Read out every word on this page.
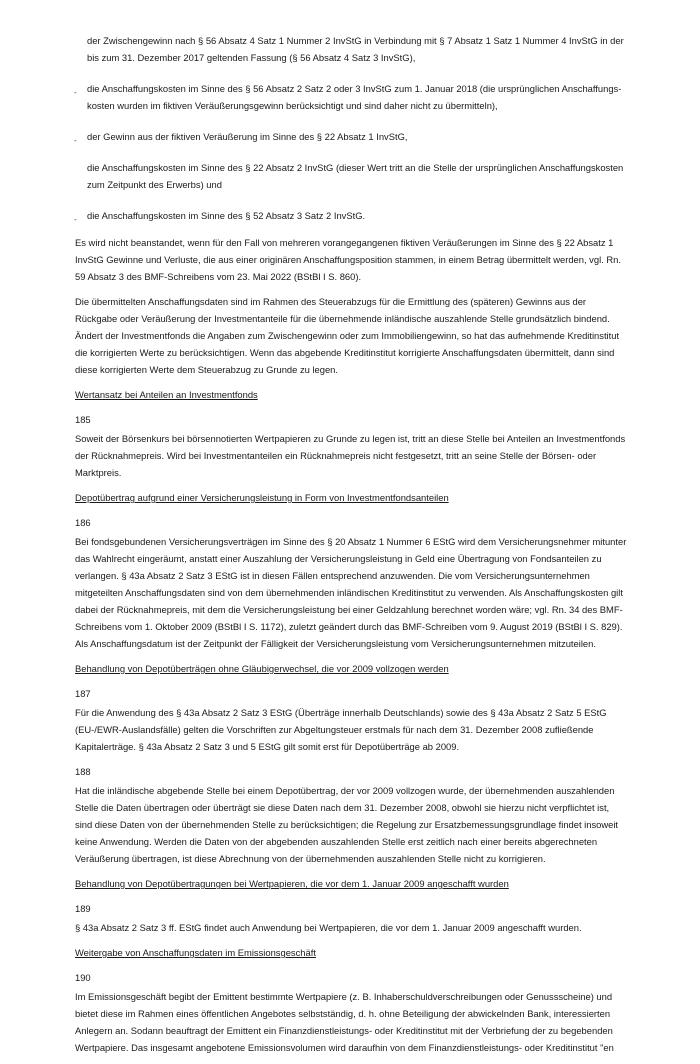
der Zwischengewinn nach § 56 Absatz 4 Satz 1 Nummer 2 InvStG in Verbindung mit § 7 Absatz 1 Satz 1 Nummer 4 InvStG in der bis zum 31. Dezember 2017 geltenden Fassung (§ 56 Absatz 4 Satz 3 InvStG),
- die Anschaffungskosten im Sinne des § 56 Absatz 2 Satz 2 oder 3 InvStG zum 1. Januar 2018 (die ursprünglichen Anschaffungs-kosten wurden im fiktiven Veräußerungsgewinn berücksichtigt und sind daher nicht zu übermitteln),
- der Gewinn aus der fiktiven Veräußerung im Sinne des § 22 Absatz 1 InvStG,
die Anschaffungskosten im Sinne des § 22 Absatz 2 InvStG (dieser Wert tritt an die Stelle der ursprünglichen Anschaffungskosten zum Zeitpunkt des Erwerbs) und
- die Anschaffungskosten im Sinne des § 52 Absatz 3 Satz 2 InvStG.

Es wird nicht beanstandet, wenn für den Fall von mehreren vorangegangenen fiktiven Veräußerungen im Sinne des § 22 Absatz 1 InvStG Gewinne und Verluste, die aus einer originären Anschaffungsposition stammen, in einem Betrag übermittelt werden, vgl. Rn. 59 Absatz 3 des BMF-Schreibens vom 23. Mai 2022 (BStBl I S. 860).

Die übermittelten Anschaffungsdaten sind im Rahmen des Steuerabzugs für die Ermittlung des (späteren) Gewinns aus der Rückgabe oder Veräußerung der Investmentanteile für die übernehmende inländische auszahlende Stelle grundsätzlich bindend. Ändert der Investmentfonds die Angaben zum Zwischengewinn oder zum Immobiliengewinn, so hat das aufnehmende Kreditinstitut die korrigierten Werte zu berücksichtigen. Wenn das abgebende Kreditinstitut korrigierte Anschaffungsdaten übermittelt, dann sind diese korrigierten Werte dem Steuerabzug zu Grunde zu legen.

Wertansatz bei Anteilen an Investmentfonds
185

Soweit der Börsenkurs bei börsennotierten Wertpapieren zu Grunde zu legen ist, tritt an diese Stelle bei Anteilen an Investmentfonds der Rücknahmepreis. Wird bei Investmentanteilen ein Rücknahmepreis nicht festgesetzt, tritt an seine Stelle der Börsen- oder Marktpreis.

Depotübertrag aufgrund einer Versicherungsleistung in Form von Investmentfondsanteilen
186

Bei fondsgebundenen Versicherungsverträgen im Sinne des § 20 Absatz 1 Nummer 6 EStG wird dem Versicherungsnehmer mitunter das Wahlrecht eingeräumt, anstatt einer Auszahlung der Versicherungsleistung in Geld eine Übertragung von Fondsanteilen zu verlangen. § 43a Absatz 2 Satz 3 EStG ist in diesen Fällen entsprechend anzuwenden. Die vom Versicherungsunternehmen mitgeteilten Anschaffungsdaten sind von dem übernehmenden inländischen Kreditinstitut zu verwenden. Als Anschaffungskosten gilt dabei der Rücknahmepreis, mit dem die Versicherungsleistung bei einer Geldzahlung berechnet worden wäre; vgl. Rn. 34 des BMF-Schreibens vom 1. Oktober 2009 (BStBl I S. 1172), zuletzt geändert durch das BMF-Schreiben vom 9. August 2019 (BStBl I S. 829). Als Anschaffungsdatum ist der Zeitpunkt der Fälligkeit der Versicherungsleistung vom Versicherungsunternehmen mitzuteilen.

Behandlung von Depotüberträgen ohne Gläubigerwechsel, die vor 2009 vollzogen werden
187

Für die Anwendung des § 43a Absatz 2 Satz 3 EStG (Überträge innerhalb Deutschlands) sowie des § 43a Absatz 2 Satz 5 EStG (EU-/EWR-Auslandsfälle) gelten die Vorschriften zur Abgeltungsteuer erstmals für nach dem 31. Dezember 2008 zufließende Kapitalerträge. § 43a Absatz 2 Satz 3 und 5 EStG gilt somit erst für Depotüberträge ab 2009.

188

Hat die inländische abgebende Stelle bei einem Depotübertrag, der vor 2009 vollzogen wurde, der übernehmenden auszahlenden Stelle die Daten übertragen oder überträgt sie diese Daten nach dem 31. Dezember 2008, obwohl sie hierzu nicht verpflichtet ist, sind diese Daten von der übernehmenden Stelle zu berücksichtigen; die Regelung zur Ersatzbemessungsgrundlage findet insoweit keine Anwendung. Werden die Daten von der abgebenden auszahlenden Stelle erst zeitlich nach einer bereits abgerechneten Veräußerung übertragen, ist diese Abrechnung von der übernehmenden auszahlenden Stelle nicht zu korrigieren.

Behandlung von Depotübertragungen bei Wertpapieren, die vor dem 1. Januar 2009 angeschafft wurden
189

§ 43a Absatz 2 Satz 3 ff. EStG findet auch Anwendung bei Wertpapieren, die vor dem 1. Januar 2009 angeschafft wurden.

Weitergabe von Anschaffungsdaten im Emissionsgeschäft
190

Im Emissionsgeschäft begibt der Emittent bestimmte Wertpapiere (z. B. Inhaberschuldverschreibungen oder Genussscheine) und bietet diese im Rahmen eines öffentlichen Angebotes selbstständig, d. h. ohne Beteiligung der abwickelnden Bank, interessierten Anlegern an. Sodann beauftragt der Emittent ein Finanzdienstleistungs- oder Kreditinstitut mit der Verbriefung der zu begebenden Wertpapiere. Das insgesamt angebotene Emissionsvolumen wird daraufhin von dem Finanzdienstleistungs- oder Kreditinstitut "en
